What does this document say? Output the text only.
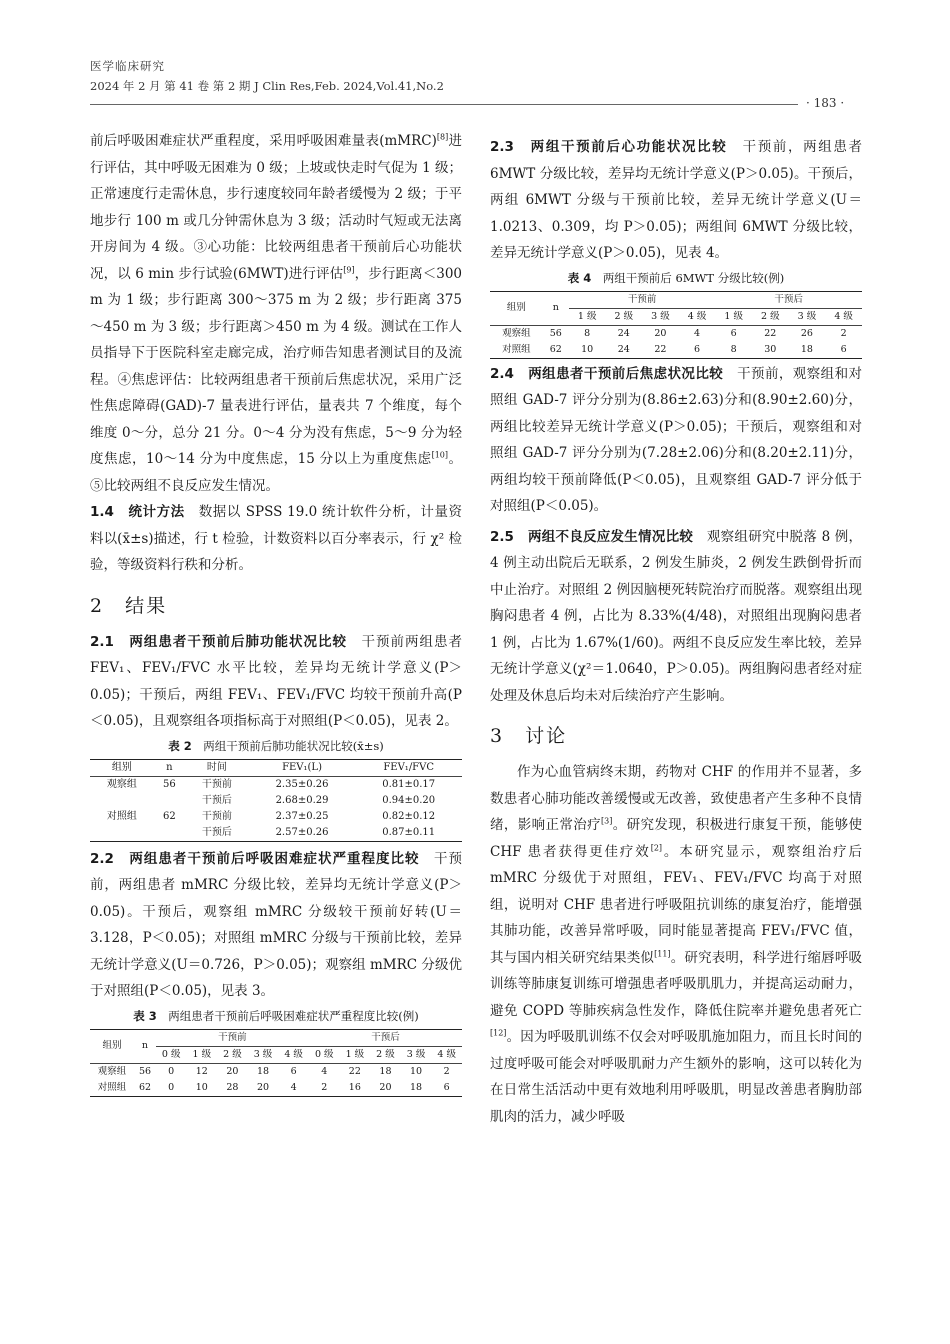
医学临床研究
2024 年 2 月 第 41 卷 第 2 期 J Clin Res,Feb. 2024,Vol.41,No.2
· 183 ·

前后呼吸困难症状严重程度，采用呼吸困难量表(mMRC)[8]进行评估，其中呼吸无困难为 0 级；上坡或快走时气促为 1 级；正常速度行走需休息，步行速度较同年龄者缓慢为 2 级；于平地步行 100 m 或几分钟需休息为 3 级；活动时气短或无法离开房间为 4 级。③心功能：比较两组患者干预前后心功能状况，以 6 min 步行试验(6MWT)进行评估[9]，步行距离＜300 m 为 1 级；步行距离 300～375 m 为 2 级；步行距离 375～450 m 为 3 级；步行距离＞450 m 为 4 级。测试在工作人员指导下于医院科室走廊完成，治疗师告知患者测试目的及流程。④焦虑评估：比较两组患者干预前后焦虑状况，采用广泛性焦虑障碍(GAD)-7 量表进行评估，量表共 7 个维度，每个维度 0～分，总分 21 分。0～4 分为没有焦虑，5～9 分为轻度焦虑，10～14 分为中度焦虑，15 分以上为重度焦虑[10]。⑤比较两组不良反应发生情况。

1.4　统计方法　数据以 SPSS 19.0 统计软件分析，计量资料以(x̄±s)描述，行 t 检验，计数资料以百分率表示，行 χ² 检验，等级资料行秩和分析。

2　结果

2.1　两组患者干预前后肺功能状况比较　干预前两组患者 FEV₁、FEV₁/FVC 水平比较，差异均无统计学意义(P＞0.05)；干预后，两组 FEV₁、FEV₁/FVC 均较干预前升高(P＜0.05)，且观察组各项指标高于对照组(P＜0.05)，见表 2。

表 2　 两组干预前后肺功能状况比较(x̄±s)
组别	n	时间	FEV₁(L)	FEV₁/FVC
观察组	56	干预前	2.35±0.26	0.81±0.17
		干预后	2.68±0.29	0.94±0.20
对照组	62	干预前	2.37±0.25	0.82±0.12
		干预后	2.57±0.26	0.87±0.11

2.2　两组患者干预前后呼吸困难症状严重程度比较　干预前，两组患者 mMRC 分级比较，差异均无统计学意义(P＞0.05)。干预后，观察组 mMRC 分级较干预前好转(U＝3.128，P＜0.05)；对照组 mMRC 分级与干预前比较，差异无统计学意义(U＝0.726，P＞0.05)；观察组 mMRC 分级优于对照组(P＜0.05)，见表 3。

表 3　 两组患者干预前后呼吸困难症状严重程度比较(例)
组别	n	干预前					干预后				
		0 级	1 级	2 级	3 级	4 级	0 级	1 级	2 级	3 级	4 级
观察组	56	0	12	20	18	6	4	22	18	10	2
对照组	62	0	10	28	20	4	2	16	20	18	6

2.3　两组干预前后心功能状况比较　干预前，两组患者 6MWT 分级比较，差异均无统计学意义(P＞0.05)。干预后，两组 6MWT 分级与干预前比较，差异无统计学意义(U＝1.0213、0.309，均 P＞0.05)；两组间 6MWT 分级比较，差异无统计学意义(P＞0.05)，见表 4。

表 4　 两组干预前后 6MWT 分级比较(例)
组别	n	干预前				干预后			
		1 级	2 级	3 级	4 级	1 级	2 级	3 级	4 级
观察组	56	8	24	20	4	6	22	26	2
对照组	62	10	24	22	6	8	30	18	6

2.4　两组患者干预前后焦虑状况比较　干预前，观察组和对照组 GAD-7 评分分别为(8.86±2.63)分和(8.90±2.60)分，两组比较差异无统计学意义(P＞0.05)；干预后，观察组和对照组 GAD-7 评分分别为(7.28±2.06)分和(8.20±2.11)分，两组均较干预前降低(P＜0.05)，且观察组 GAD-7 评分低于对照组(P＜0.05)。

2.5　两组不良反应发生情况比较　观察组研究中脱落 8 例，4 例主动出院后无联系，2 例发生肺炎，2 例发生跌倒骨折而中止治疗。对照组 2 例因脑梗死转院治疗而脱落。观察组出现胸闷患者 4 例，占比为 8.33%(4/48)，对照组出现胸闷患者 1 例，占比为 1.67%(1/60)。两组不良反应发生率比较，差异无统计学意义(χ²＝1.0640，P＞0.05)。两组胸闷患者经对症处理及休息后均未对后续治疗产生影响。

3　讨论

作为心血管病终末期，药物对 CHF 的作用并不显著，多数患者心肺功能改善缓慢或无改善，致使患者产生多种不良情绪，影响正常治疗[3]。研究发现，积极进行康复干预，能够使 CHF 患者获得更佳疗效[2]。本研究显示，观察组治疗后 mMRC 分级优于对照组，FEV₁、FEV₁/FVC 均高于对照组，说明对 CHF 患者进行呼吸阻抗训练的康复治疗，能增强其肺功能，改善异常呼吸，同时能显著提高 FEV₁/FVC 值，其与国内相关研究结果类似[11]。研究表明，科学进行缩唇呼吸训练等肺康复训练可增强患者呼吸肌肌力，并提高运动耐力，避免 COPD 等肺疾病急性发作，降低住院率并避免患者死亡[12]。因为呼吸肌训练不仅会对呼吸肌施加阻力，而且长时间的过度呼吸可能会对呼吸肌耐力产生额外的影响，这可以转化为在日常生活活动中更有效地利用呼吸肌，明显改善患者胸肋部肌肉的活力，减少呼吸
